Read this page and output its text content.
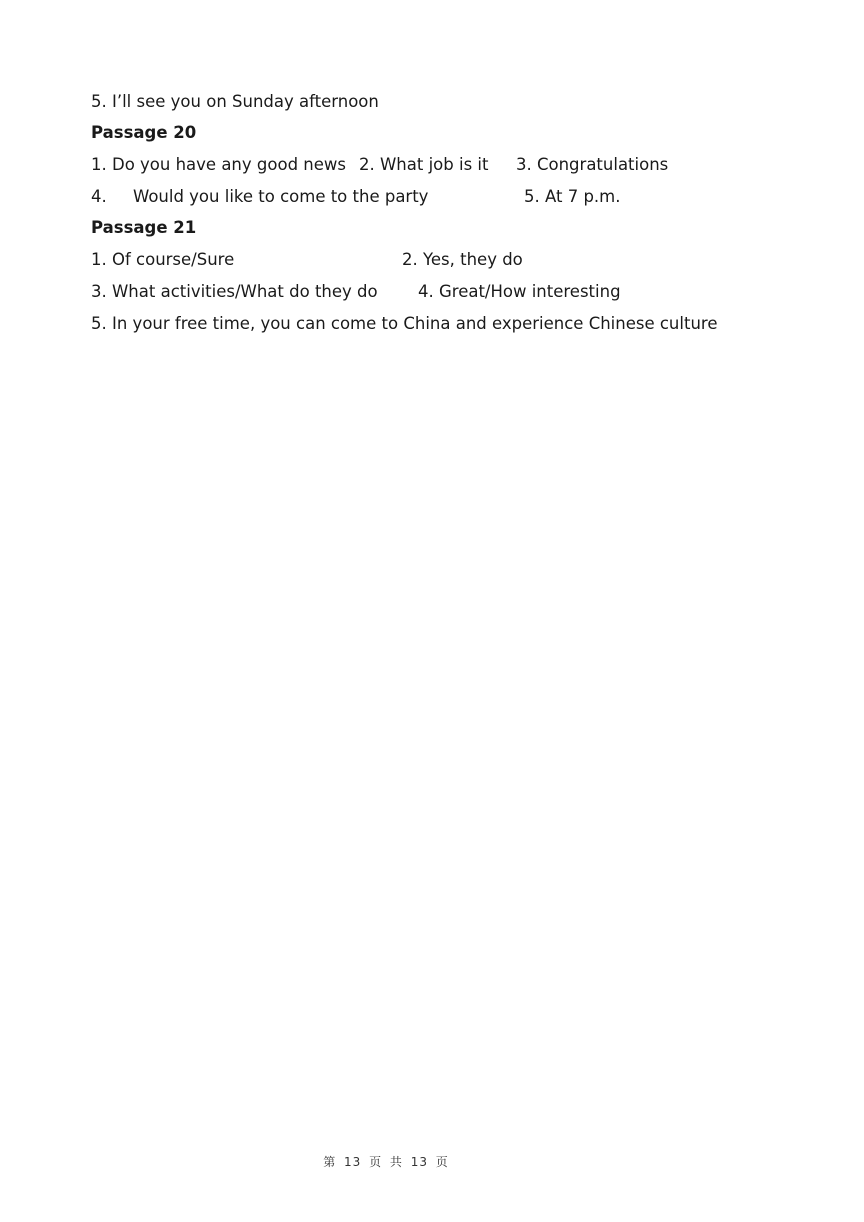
5. I’ll see you on Sunday afternoon
Passage 20
1. Do you have any good news 2. What job is it 3. Congratulations
4.     Would you like to come to the party	5. At 7 p.m.
Passage 21
1. Of course/Sure	2. Yes, they do
3. What activities/What do they do 4. Great/How interesting
5. In your free time, you can come to China and experience Chinese culture
第 13 页 共 13 页
